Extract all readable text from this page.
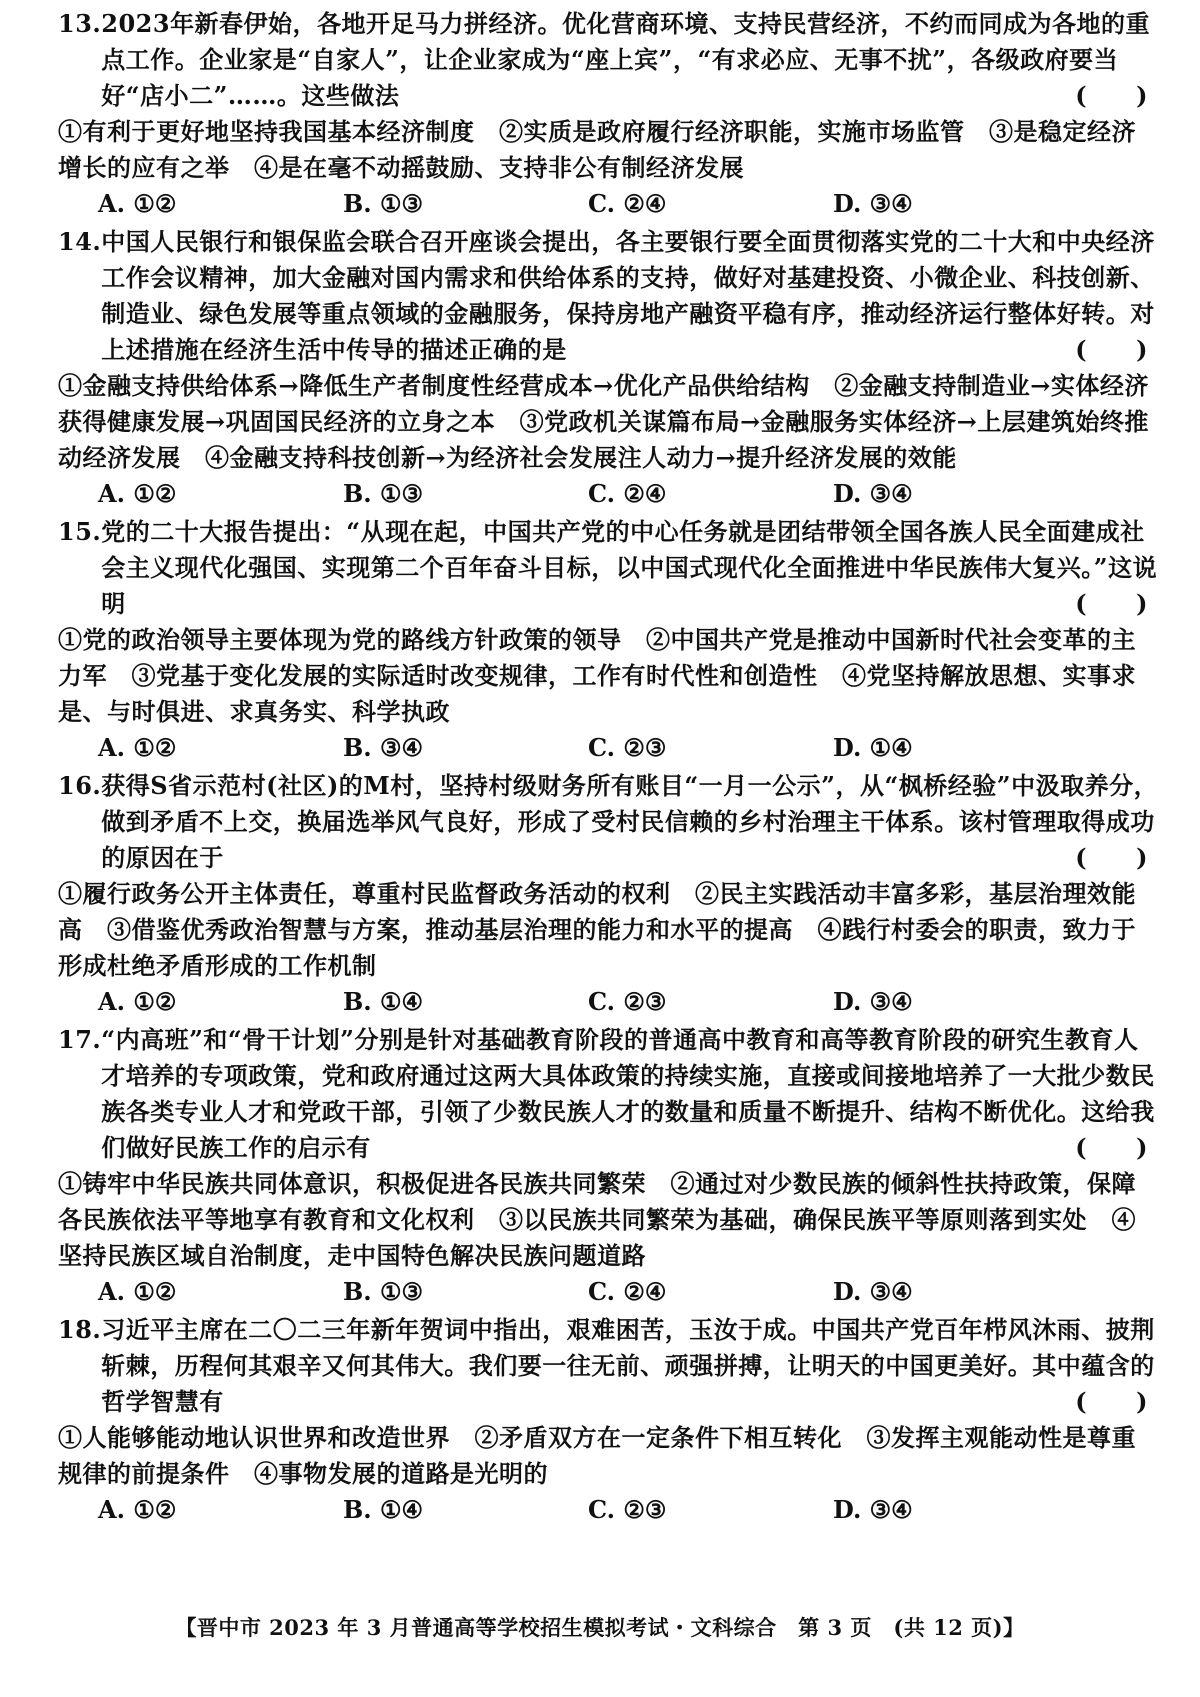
13. 2023年新春伊始，各地开足马力拼经济。优化营商环境、支持民营经济，不约而同成为各地的重点工作。企业家是“自家人”，让企业家成为“座上宾”，“有求必应、无事不扰”，各级政府要当好“店小二”……。这些做法	(　　)
①有利于更好地坚持我国基本经济制度　②实质是政府履行经济职能，实施市场监管　③是稳定经济增长的应有之举　④是在毫不动摇鼓励、支持非公有制经济发展
A. ①②	B. ①③	C. ②④	D. ③④
14. 中国人民银行和银保监会联合召开座谈会提出，各主要银行要全面贯彻落实党的二十大和中央经济工作会议精神，加大金融对国内需求和供给体系的支持，做好对基建投资、小微企业、科技创新、制造业、绿色发展等重点领域的金融服务，保持房地产融资平稳有序，推动经济运行整体好转。对上述措施在经济生活中传导的描述正确的是	(　　)
①金融支持供给体系→降低生产者制度性经营成本→优化产品供给结构　②金融支持制造业→实体经济获得健康发展→巩固国民经济的立身之本　③党政机关谋篇布局→金融服务实体经济→上层建筑始终推动经济发展　④金融支持科技创新→为经济社会发展注人动力→提升经济发展的效能
A. ①②	B. ①③	C. ②④	D. ③④
15. 党的二十大报告提出：“从现在起，中国共产党的中心任务就是团结带领全国各族人民全面建成社会主义现代化强国、实现第二个百年奋斗目标，以中国式现代化全面推进中华民族伟大复兴。”这说明	(　　)
①党的政治领导主要体现为党的路线方针政策的领导　②中国共产党是推动中国新时代社会变革的主力军　③党基于变化发展的实际适时改变规律，工作有时代性和创造性　④党坚持解放思想、实事求是、与时俱进、求真务实、科学执政
A. ①②	B. ③④	C. ②③	D. ①④
16. 获得S省示范村(社区)的M村，坚持村级财务所有账目“一月一公示”，从“枫桥经验”中汲取养分，做到矛盾不上交，换届选举风气良好，形成了受村民信赖的乡村治理主干体系。该村管理取得成功的原因在于	(　　)
①履行政务公开主体责任，尊重村民监督政务活动的权利　②民主实践活动丰富多彩，基层治理效能高　③借鉴优秀政治智慧与方案，推动基层治理的能力和水平的提高　④践行村委会的职责，致力于形成杜绝矛盾形成的工作机制
A. ①②	B. ①④	C. ②③	D. ③④
17. “内高班”和“骨干计划”分别是针对基础教育阶段的普通高中教育和高等教育阶段的研究生教育人才培养的专项政策，党和政府通过这两大具体政策的持续实施，直接或间接地培养了一大批少数民族各类专业人才和党政干部，引领了少数民族人才的数量和质量不断提升、结构不断优化。这给我们做好民族工作的启示有	(　　)
①铸牢中华民族共同体意识，积极促进各民族共同繁荣　②通过对少数民族的倾斜性扶持政策，保障各民族依法平等地享有教育和文化权利　③以民族共同繁荣为基础，确保民族平等原则落到实处　④坚持民族区域自治制度，走中国特色解决民族问题道路
A. ①②	B. ①③	C. ②④	D. ③④
18. 习近平主席在二〇二三年新年贺词中指出，艰难困苦，玉汝于成。中国共产党百年栉风沐雨、披荆斩棘，历程何其艰辛又何其伟大。我们要一往无前、顽强拼搏，让明天的中国更美好。其中蕴含的哲学智慧有	(　　)
①人能够能动地认识世界和改造世界　②矛盾双方在一定条件下相互转化　③发挥主观能动性是尊重规律的前提条件　④事物发展的道路是光明的
A. ①②	B. ①④	C. ②③	D. ③④
【晋中市 2023 年 3 月普通高等学校招生模拟考试・文科综合　第 3 页　(共 12 页)】
